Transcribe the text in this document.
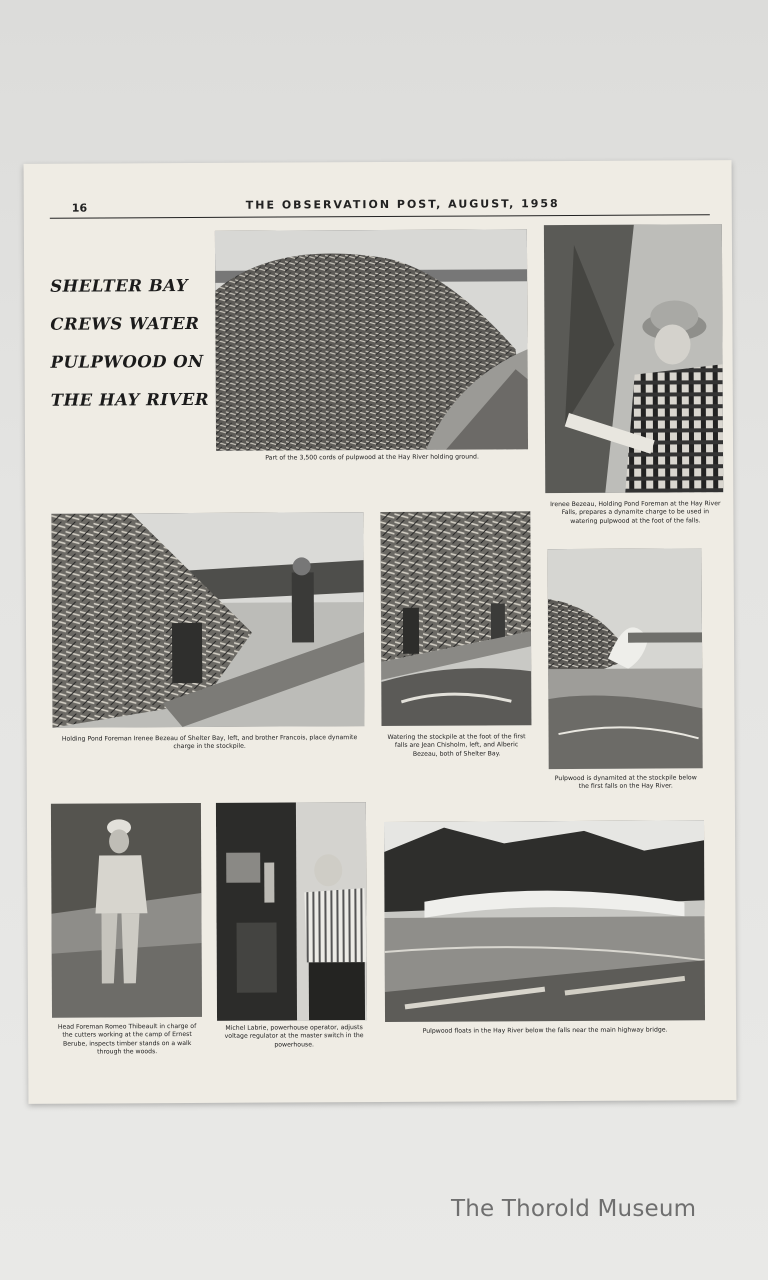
16	THE OBSERVATION POST, AUGUST, 1958
SHELTER BAY
CREWS WATER
PULPWOOD ON
THE HAY RIVER
Part of the 3,500 cords of pulpwood at the Hay River holding ground.
Irenee Bezeau, Holding Pond Foreman at the Hay River Falls, prepares a dynamite charge to be used in watering pulpwood at the foot of the falls.
Holding Pond Foreman Irenee Bezeau of Shelter Bay, left, and brother Francois, place dynamite charge in the stockpile.
Watering the stockpile at the foot of the first falls are Jean Chisholm, left, and Alberic Bezeau, both of Shelter Bay.
Pulpwood is dynamited at the stockpile below the first falls on the Hay River.
Head Foreman Romeo Thibeault in charge of the cutters working at the camp of Ernest Berube, inspects timber stands on a walk through the woods.
Michel Labrie, powerhouse operator, adjusts voltage regulator at the master switch in the powerhouse.
Pulpwood floats in the Hay River below the falls near the main highway bridge.
The Thorold Museum
